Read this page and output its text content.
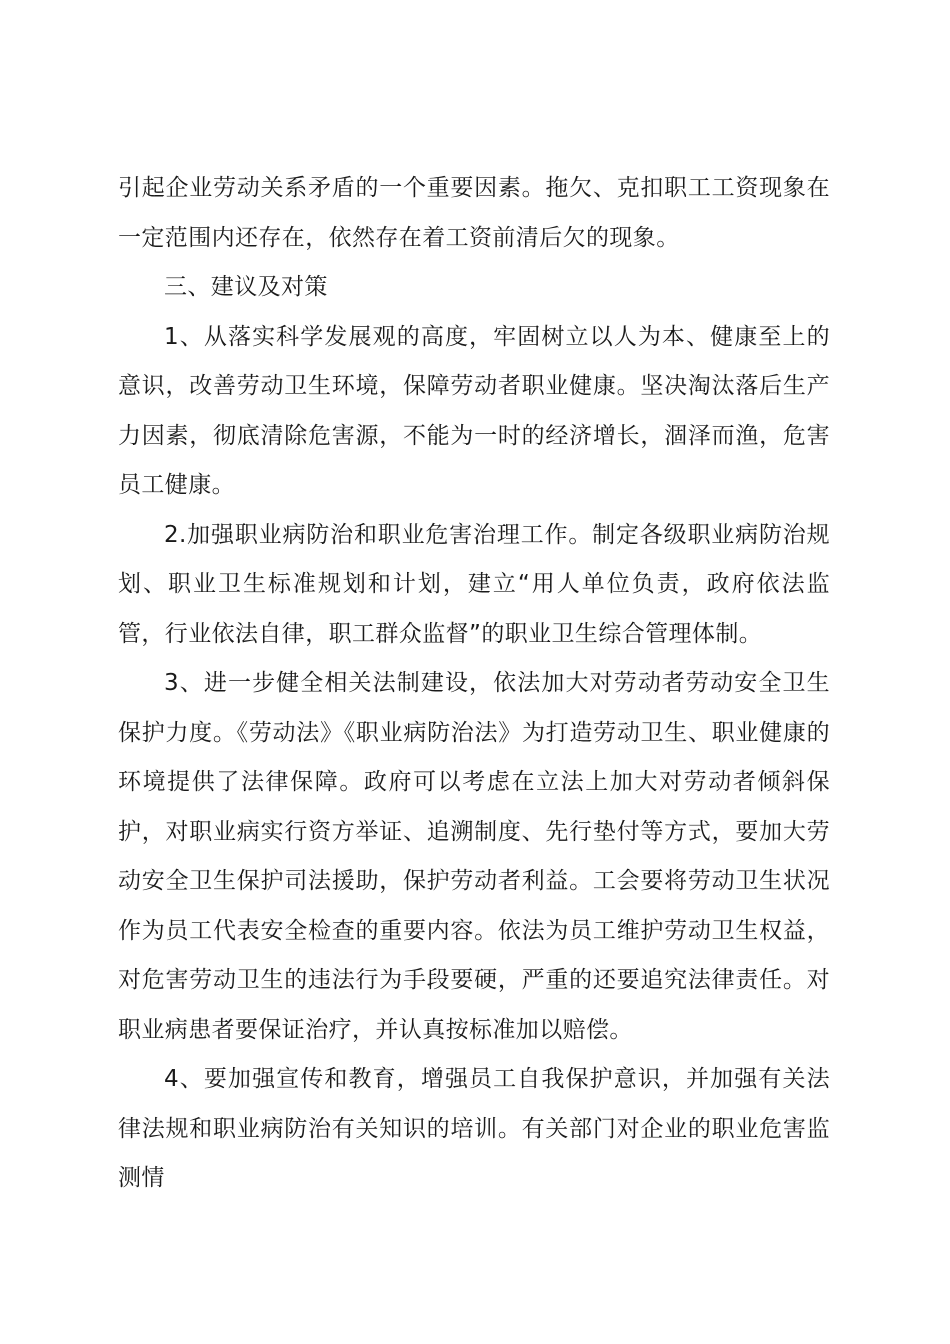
引起企业劳动关系矛盾的一个重要因素。拖欠、克扣职工工资现象在一定范围内还存在，依然存在着工资前清后欠的现象。

三、建议及对策

1、从落实科学发展观的高度，牢固树立以人为本、健康至上的意识，改善劳动卫生环境，保障劳动者职业健康。坚决淘汰落后生产力因素，彻底清除危害源，不能为一时的经济增长，涸泽而渔，危害员工健康。

2.加强职业病防治和职业危害治理工作。制定各级职业病防治规划、职业卫生标准规划和计划，建立“用人单位负责，政府依法监管，行业依法自律，职工群众监督”的职业卫生综合管理体制。

3、进一步健全相关法制建设，依法加大对劳动者劳动安全卫生保护力度。《劳动法》《职业病防治法》为打造劳动卫生、职业健康的环境提供了法律保障。政府可以考虑在立法上加大对劳动者倾斜保护，对职业病实行资方举证、追溯制度、先行垫付等方式，要加大劳动安全卫生保护司法援助，保护劳动者利益。工会要将劳动卫生状况作为员工代表安全检查的重要内容。依法为员工维护劳动卫生权益，对危害劳动卫生的违法行为手段要硬，严重的还要追究法律责任。对职业病患者要保证治疗，并认真按标准加以赔偿。

4、要加强宣传和教育，增强员工自我保护意识，并加强有关法律法规和职业病防治有关知识的培训。有关部门对企业的职业危害监测情
